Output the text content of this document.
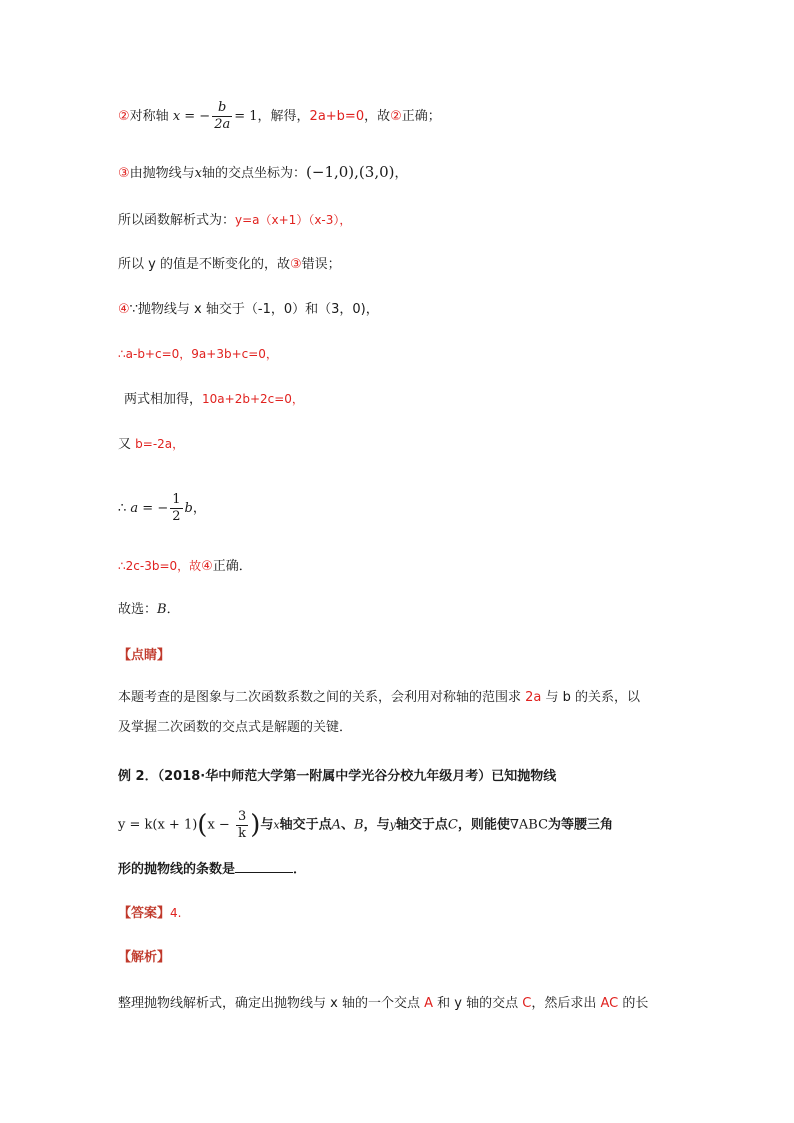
②对称轴 x = − $\frac{b}{2a} = 1$，解得，2a+b=0，故②正确；
③由抛物线与x轴的交点坐标为：(−1,0),(3,0)，
所以函数解析式为：y=a（x+1）（x-3），
所以 y 的值是不断变化的，故③错误；
④∵抛物线与 x 轴交于（-1，0）和（3，0)，
∴a-b+c=0，9a+3b+c=0，
两式相加得，10a+2b+2c=0，
又 b=-2a，
∴ a = − $\frac{1}{2}$ b，
∴2c-3b=0，故④正确．
故选：B．
【点睛】
本题考查的是图象与二次函数系数之间的关系，会利用对称轴的范围求 2a 与 b 的关系，以
及掌握二次函数的交点式是解题的关键．
例 2．（2018·华中师范大学第一附属中学光谷分校九年级月考）已知抛物线
$y = k(x + 1)(x - \frac{3}{k}$ )与x轴交于点A、B，与y轴交于点C，则能使∇ABC为等腰三角
形的抛物线的条数是	．
【答案】4.
【解析】
整理抛物线解析式，确定出抛物线与 x 轴的一个交点 A 和 y 轴的交点 C，然后求出 AC 的长
